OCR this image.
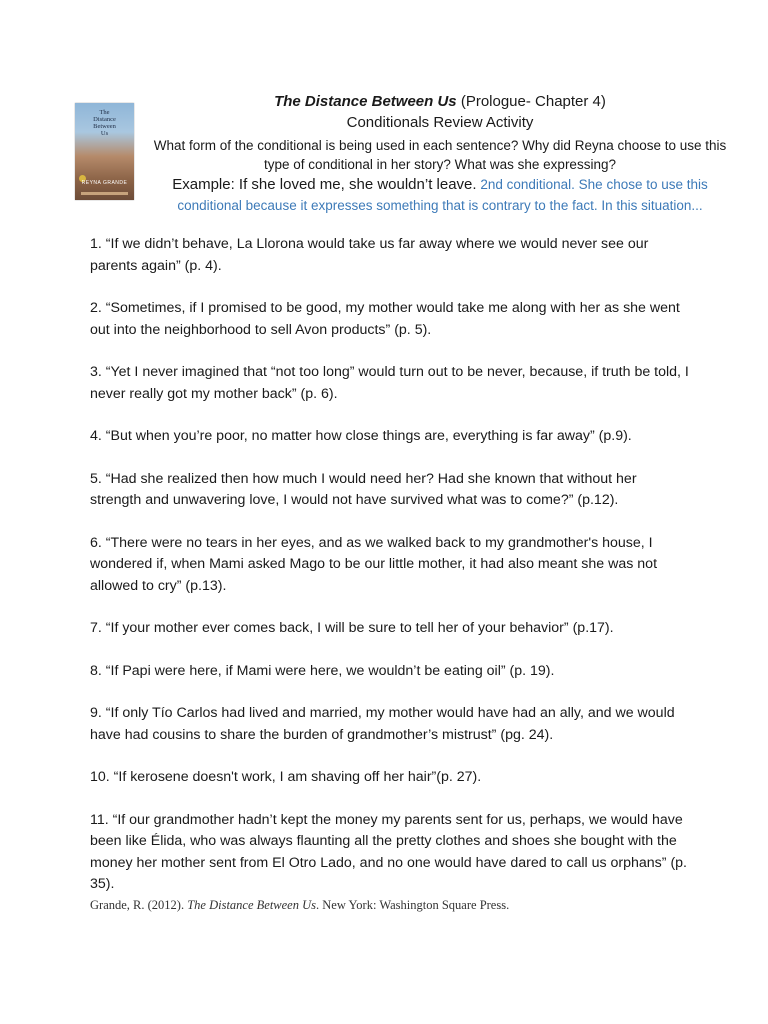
The
Distance
Between
Us
REYNA GRANDE
The Distance Between Us (Prologue- Chapter 4)
Conditionals Review Activity
What form of the conditional is being used in each sentence? Why did Reyna choose to use this type of conditional in her story? What was she expressing?
Example: If she loved me, she wouldn’t leave. 2nd conditional. She chose to use this conditional because it expresses something that is contrary to the fact. In this situation...
1. “If we didn’t behave, La Llorona would take us far away where we would never see our parents again” (p. 4).
2. “Sometimes, if I promised to be good, my mother would take me along with her as she went out into the neighborhood to sell Avon products” (p. 5).
3. “Yet I never imagined that “not too long” would turn out to be never, because, if truth be told, I never really got my mother back” (p. 6).
4. “But when you’re poor, no matter how close things are, everything is far away” (p.9).
5. “Had she realized then how much I would need her? Had she known that without her strength and unwavering love, I would not have survived what was to come?” (p.12).
6. “There were no tears in her eyes, and as we walked back to my grandmother's house, I wondered if, when Mami asked Mago to be our little mother, it had also meant she was not allowed to cry” (p.13).
7. “If your mother ever comes back, I will be sure to tell her of your behavior” (p.17).
8. “If Papi were here, if Mami were here, we wouldn’t be eating oil” (p. 19).
9. “If only Tío Carlos had lived and married, my mother would have had an ally, and we would have had cousins to share the burden of grandmother’s mistrust” (pg. 24).
10. “If kerosene doesn't work, I am shaving off her hair”(p. 27).
11. “If our grandmother hadn’t kept the money my parents sent for us, perhaps, we would have been like Élida, who was always flaunting all the pretty clothes and shoes she bought with the money her mother sent from El Otro Lado, and no one would have dared to call us orphans” (p. 35).
Grande, R. (2012). The Distance Between Us. New York: Washington Square Press.
